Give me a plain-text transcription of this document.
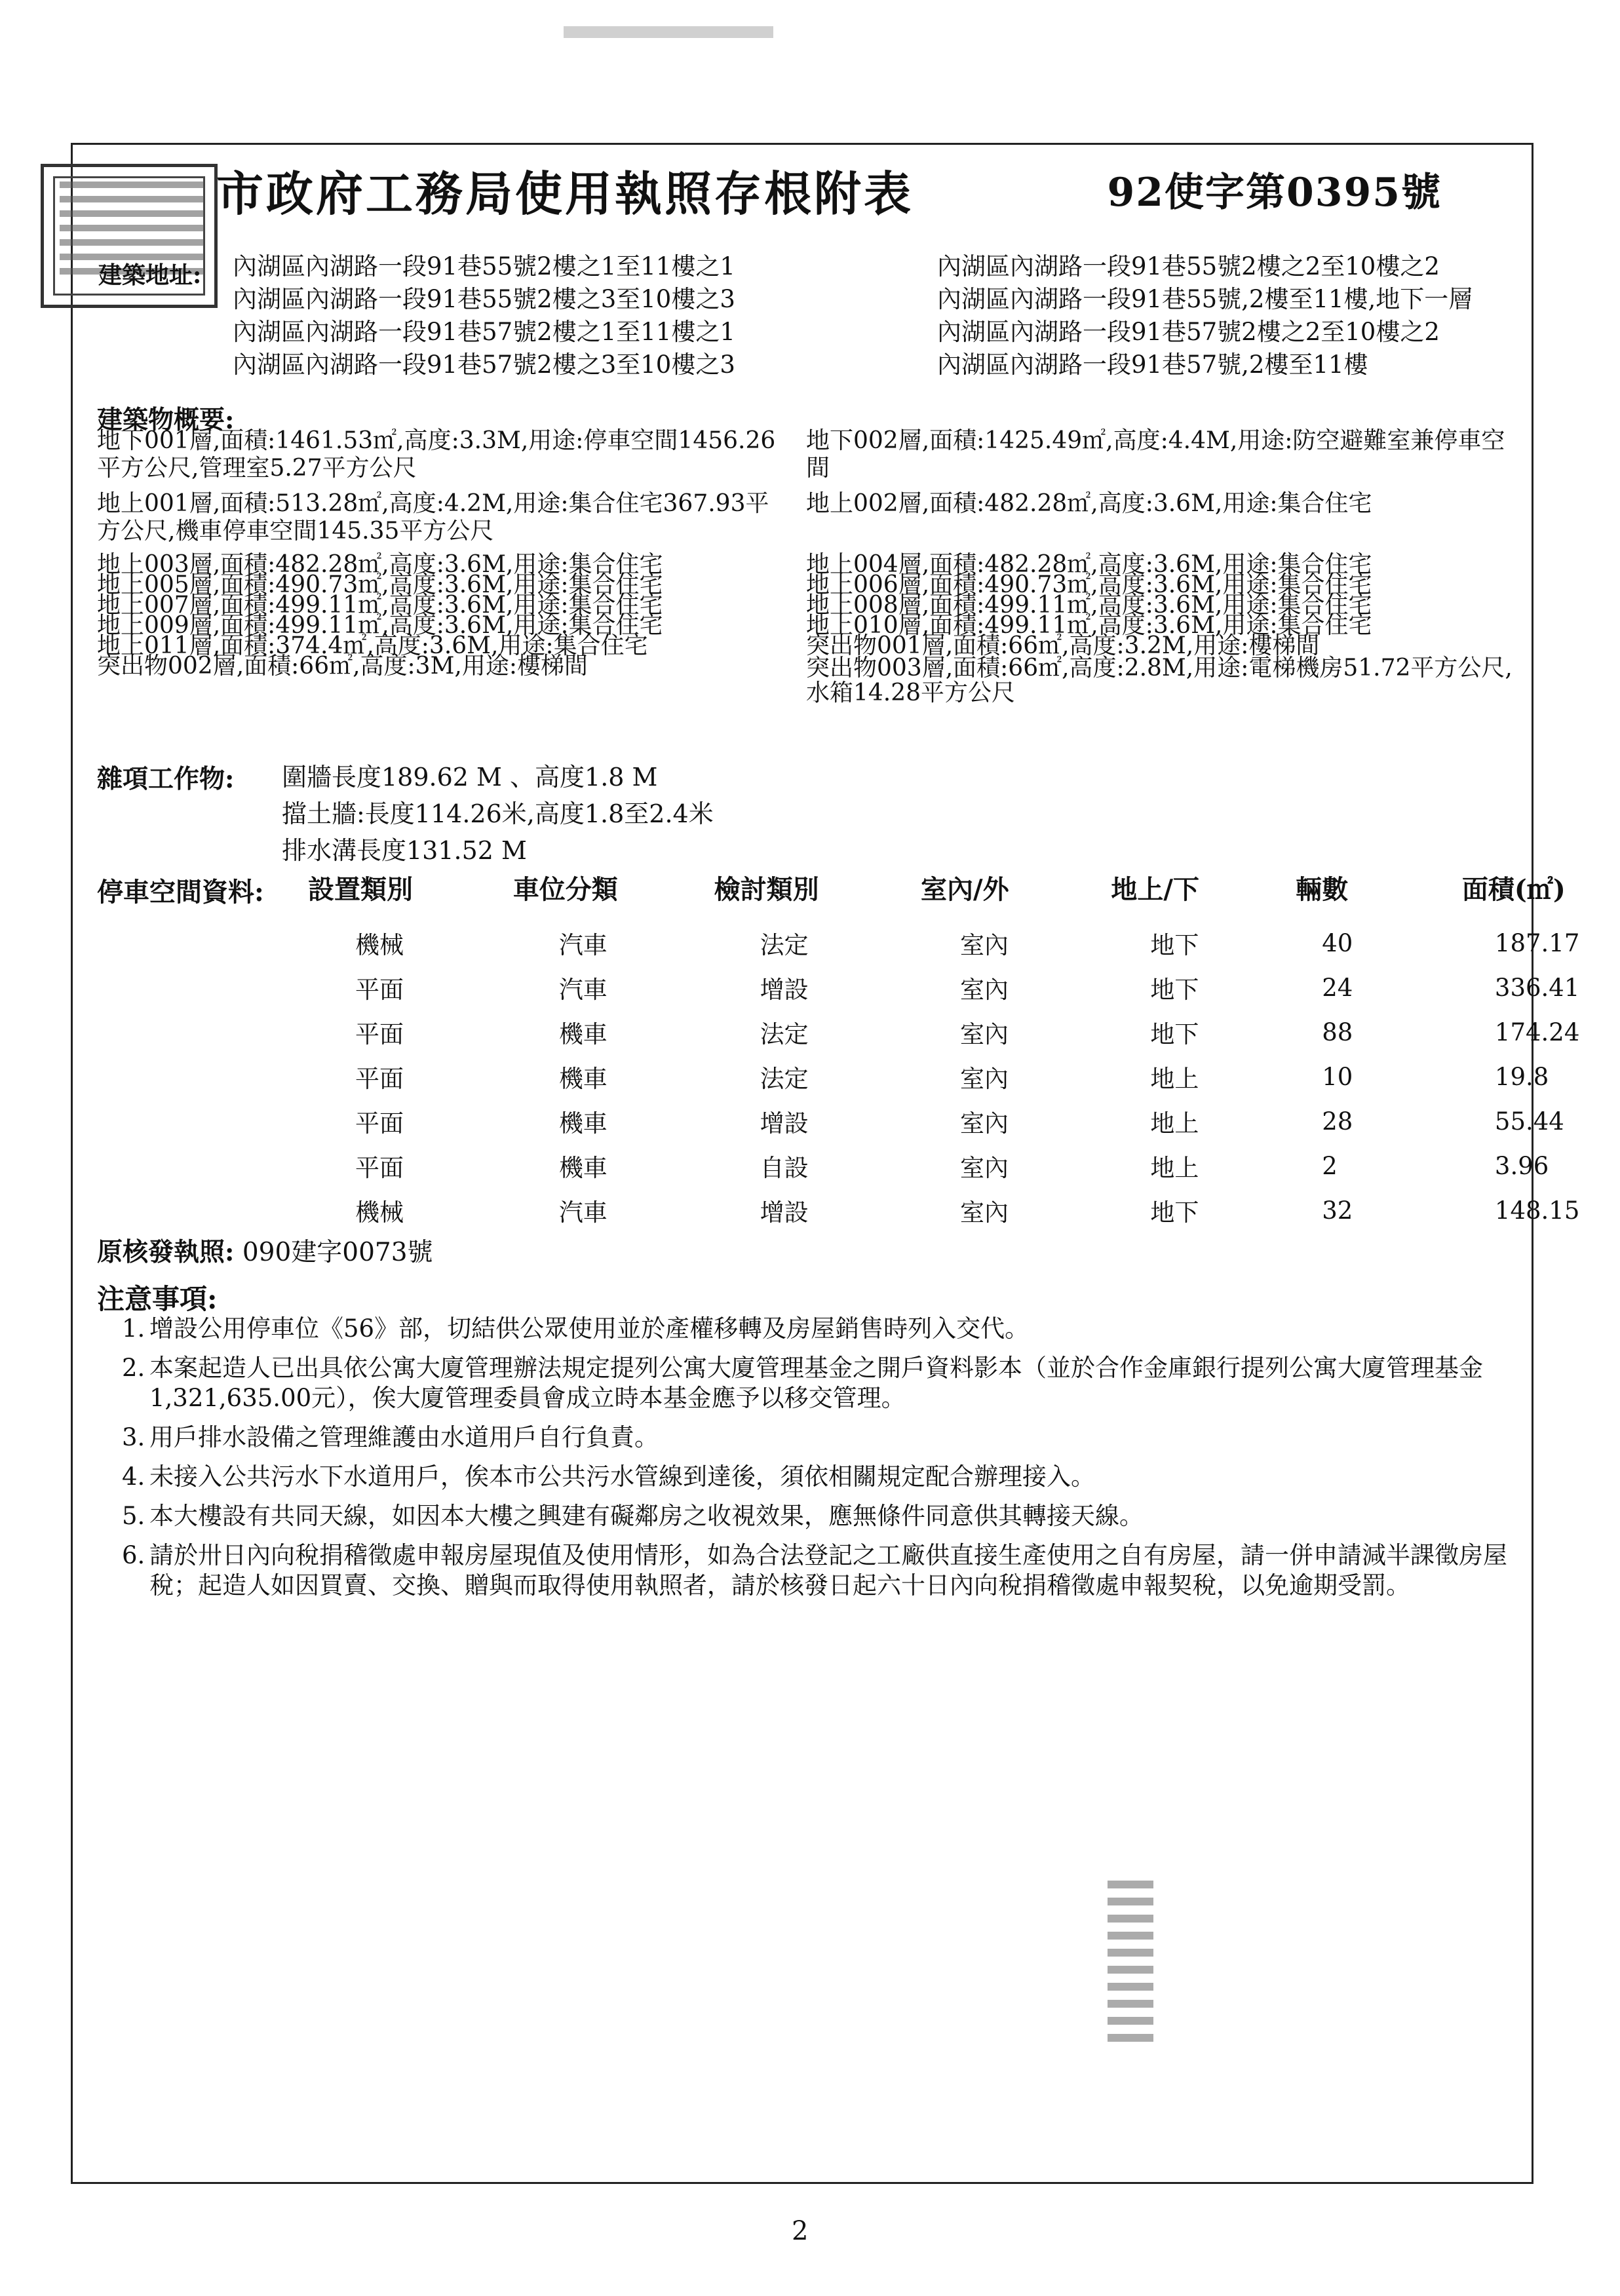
市政府工務局使用執照存根附表	92使字第0395號
建築地址: 內湖區內湖路一段91巷55號2樓之1至11樓之1
內湖區內湖路一段91巷55號2樓之3至10樓之3
內湖區內湖路一段91巷57號2樓之1至11樓之1
內湖區內湖路一段91巷57號2樓之3至10樓之3
內湖區內湖路一段91巷55號2樓之2至10樓之2
內湖區內湖路一段91巷55號,2樓至11樓,地下一層
內湖區內湖路一段91巷57號2樓之2至10樓之2
內湖區內湖路一段91巷57號,2樓至11樓
建築物概要:

地下001層,面積:1461.53㎡,高度:3.3M,用途:停車空間1456.26平方公尺,管理室5.27平方公尺

地上001層,面積:513.28㎡,高度:4.2M,用途:集合住宅367.93平方公尺,機車停車空間145.35平方公尺

地下002層,面積:1425.49㎡,高度:4.4M,用途:防空避難室兼停車空間

地上002層,面積:482.28㎡,高度:3.6M,用途:集合住宅

地上003層,面積:482.28㎡,高度:3.6M,用途:集合住宅

地上005層,面積:490.73㎡,高度:3.6M,用途:集合住宅

地上007層,面積:499.11㎡,高度:3.6M,用途:集合住宅

地上009層,面積:499.11㎡,高度:3.6M,用途:集合住宅

地上011層,面積:374.4㎡,高度:3.6M,用途:集合住宅

突出物002層,面積:66㎡,高度:3M,用途:樓梯間

地上004層,面積:482.28㎡,高度:3.6M,用途:集合住宅

地上006層,面積:490.73㎡,高度:3.6M,用途:集合住宅

地上008層,面積:499.11㎡,高度:3.6M,用途:集合住宅

地上010層,面積:499.11㎡,高度:3.6M,用途:集合住宅

突出物001層,面積:66㎡,高度:3.2M,用途:樓梯間

突出物003層,面積:66㎡,高度:2.8M,用途:電梯機房51.72平方公尺,水箱14.28平方公尺

雜項工作物: 圍牆長度189.62 M 、高度1.8 M
擋土牆:長度114.26米,高度1.8至2.4米
排水溝長度131.52 M
停車空間資料: 設置類別	車位分類	檢討類別	室內/外	地上/下	輛數	面積(㎡)
機械	汽車	法定	室內	地下	40	187.17
平面	汽車	增設	室內	地下	24	336.41
平面	機車	法定	室內	地下	88	174.24
平面	機車	法定	室內	地上	10	19.8
平面	機車	增設	室內	地上	28	55.44
平面	機車	自設	室內	地上	2	3.96
機械	汽車	增設	室內	地下	32	148.15
原核發執照: 090建字0073號
注意事項:
1. 增設公用停車位《56》部，切結供公眾使用並於產權移轉及房屋銷售時列入交代。
2. 本案起造人已出具依公寓大廈管理辦法規定提列公寓大廈管理基金之開戶資料影本（並於合作金庫銀行提列公寓大廈管理基金1,321,635.00元），俟大廈管理委員會成立時本基金應予以移交管理。
3. 用戶排水設備之管理維護由水道用戶自行負責。
4. 未接入公共污水下水道用戶，俟本市公共污水管線到達後，須依相關規定配合辦理接入。
5. 本大樓設有共同天線，如因本大樓之興建有礙鄰房之收視效果，應無條件同意供其轉接天線。
6. 請於卅日內向稅捐稽徵處申報房屋現值及使用情形，如為合法登記之工廠供直接生產使用之自有房屋，請一併申請減半課徵房屋稅；起造人如因買賣、交換、贈與而取得使用執照者，請於核發日起六十日內向稅捐稽徵處申報契稅，以免逾期受罰。
2
